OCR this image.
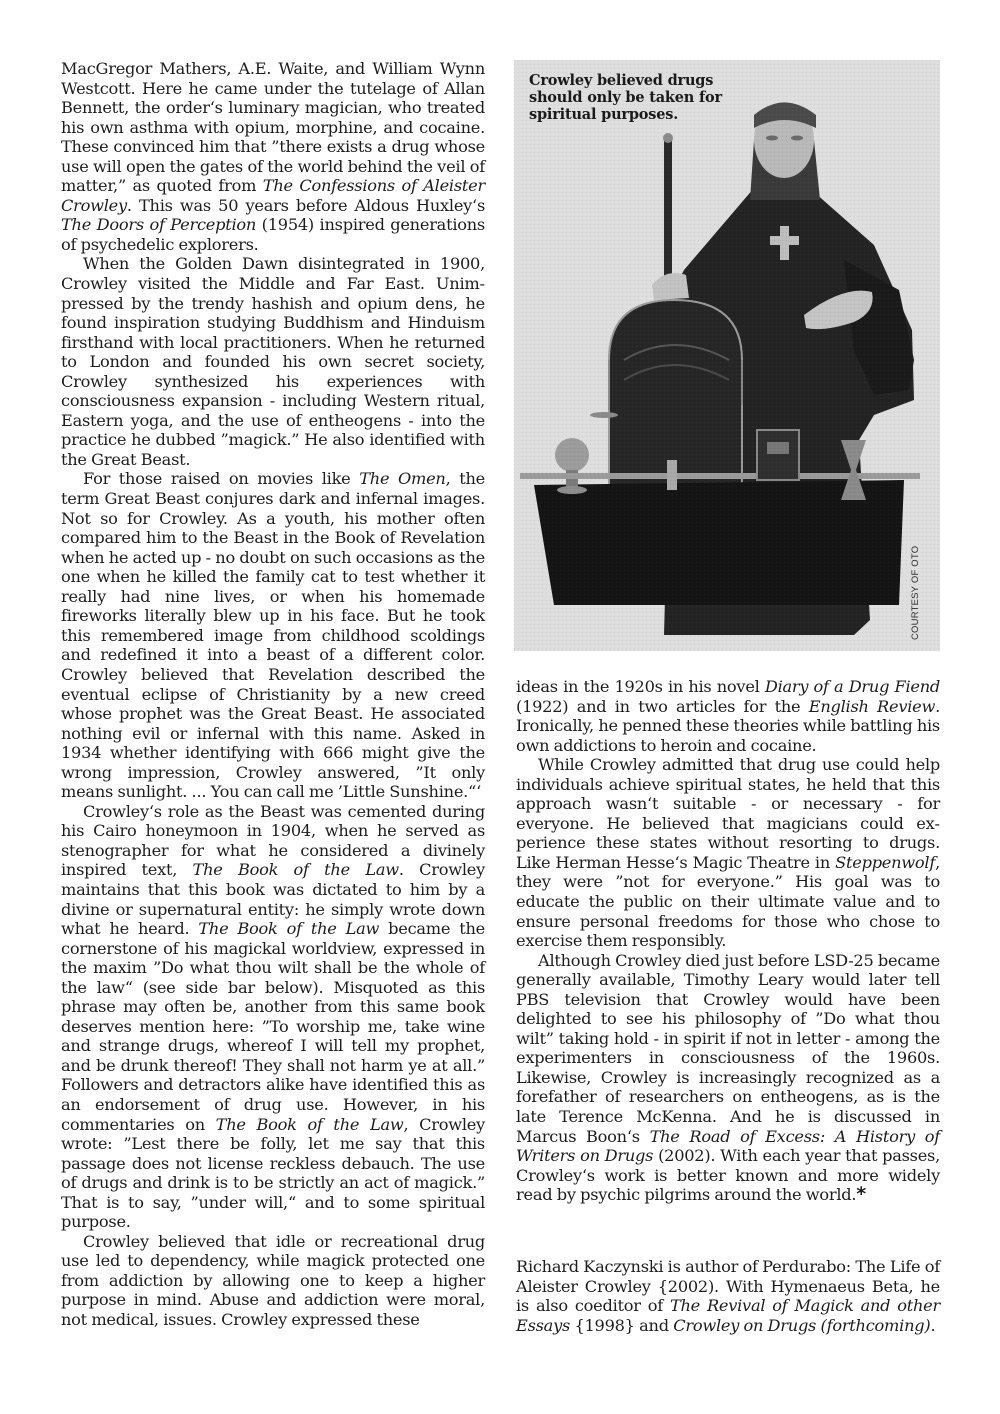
MacGregor Mathers, A.E. Waite, and William Wynn Westcott. Here he came under the tutelage of Allan Bennett, the order‘s luminary magician, who treated his own asthma with opium, morphine, and cocaine. These convinced him that ”there exists a drug whose use will open the gates of the world behind the veil of matter,” as quoted from The Confessions of Aleister Crowley. This was 50 years before Aldous Huxley‘s The Doors of Perception (1954) inspired generations of psychedelic explorers.

When the Golden Dawn disintegrated in 1900, Crowley visited the Middle and Far East. Unimpressed by the trendy hashish and opium dens, he found inspiration studying Buddhism and Hinduism firsthand with local practitioners. When he returned to London and founded his own secret society, Crowley synthesized his experiences with consciousness expansion - including Western ritual, Eastern yoga, and the use of entheogens - into the practice he dubbed ”magick.” He also identified with the Great Beast.

For those raised on movies like The Omen, the term Great Beast conjures dark and infernal images. Not so for Crowley. As a youth, his mother often compared him to the Beast in the Book of Revelation when he acted up - no doubt on such occasions as the one when he killed the family cat to test whether it really had nine lives, or when his homemade fireworks literally blew up in his face. But he took this remembered image from childhood scoldings and redefined it into a beast of a different color. Crowley believed that Revelation described the eventual eclipse of Christianity by a new creed whose prophet was the Great Beast. He associated nothing evil or infernal with this name. Asked in 1934 whether identifying with 666 might give the wrong impression, Crowley answered, ”It only means sunlight. ... You can call me ’Little Sunshine.“‘

Crowley‘s role as the Beast was cemented during his Cairo honeymoon in 1904, when he served as stenographer for what he considered a divinely inspired text, The Book of the Law. Crowley maintains that this book was dictated to him by a divine or supernatural entity: he simply wrote down what he heard. The Book of the Law became the cornerstone of his magickal worldview, expressed in the maxim ”Do what thou wilt shall be the whole of the law“ (see side bar below). Misquoted as this phrase may often be, another from this same book deserves mention here: ”To worship me, take wine and strange drugs, whereof I will tell my prophet, and be drunk thereof! They shall not harm ye at all.” Followers and detractors alike have identified this as an endorsement of drug use. However, in his commentaries on The Book of the Law, Crowley wrote: ”Lest there be folly, let me say that this passage does not license reckless debauch. The use of drugs and drink is to be strictly an act of magick.” That is to say, ”under will,“ and to some spiritual purpose.

Crowley believed that idle or recreational drug use led to dependency, while magick protected one from addiction by allowing one to keep a higher purpose in mind. Abuse and addiction were moral, not medical, issues. Crowley expressed these

Crowley believed drugs should only be taken for spiritual purposes.
COURTESY OF OTO

ideas in the 1920s in his novel Diary of a Drug Fiend (1922) and in two articles for the English Review. Ironically, he penned these theories while battling his own addictions to heroin and cocaine.

While Crowley admitted that drug use could help individuals achieve spiritual states, he held that this approach wasn‘t suitable - or necessary - for everyone. He believed that magicians could experience these states without resorting to drugs. Like Herman Hesse‘s Magic Theatre in Steppenwolf, they were ”not for everyone.” His goal was to educate the public on their ultimate value and to ensure personal freedoms for those who chose to exercise them responsibly.

Although Crowley died just before LSD-25 became generally available, Timothy Leary would later tell PBS television that Crowley would have been delighted to see his philosophy of ”Do what thou wilt” taking hold - in spirit if not in letter - among the experimenters in consciousness of the 1960s. Likewise, Crowley is increasingly recognized as a forefather of researchers on entheogens, as is the late Terence McKenna. And he is discussed in Marcus Boon‘s The Road of Excess: A History of Writers on Drugs (2002). With each year that passes, Crowley‘s work is better known and more widely read by psychic pilgrims around the world.*

Richard Kaczynski is author of Perdurabo: The Life of Aleister Crowley {2002). With Hymenaeus Beta, he is also coeditor of The Revival of Magick and other Essays {1998} and Crowley on Drugs (forthcoming).
